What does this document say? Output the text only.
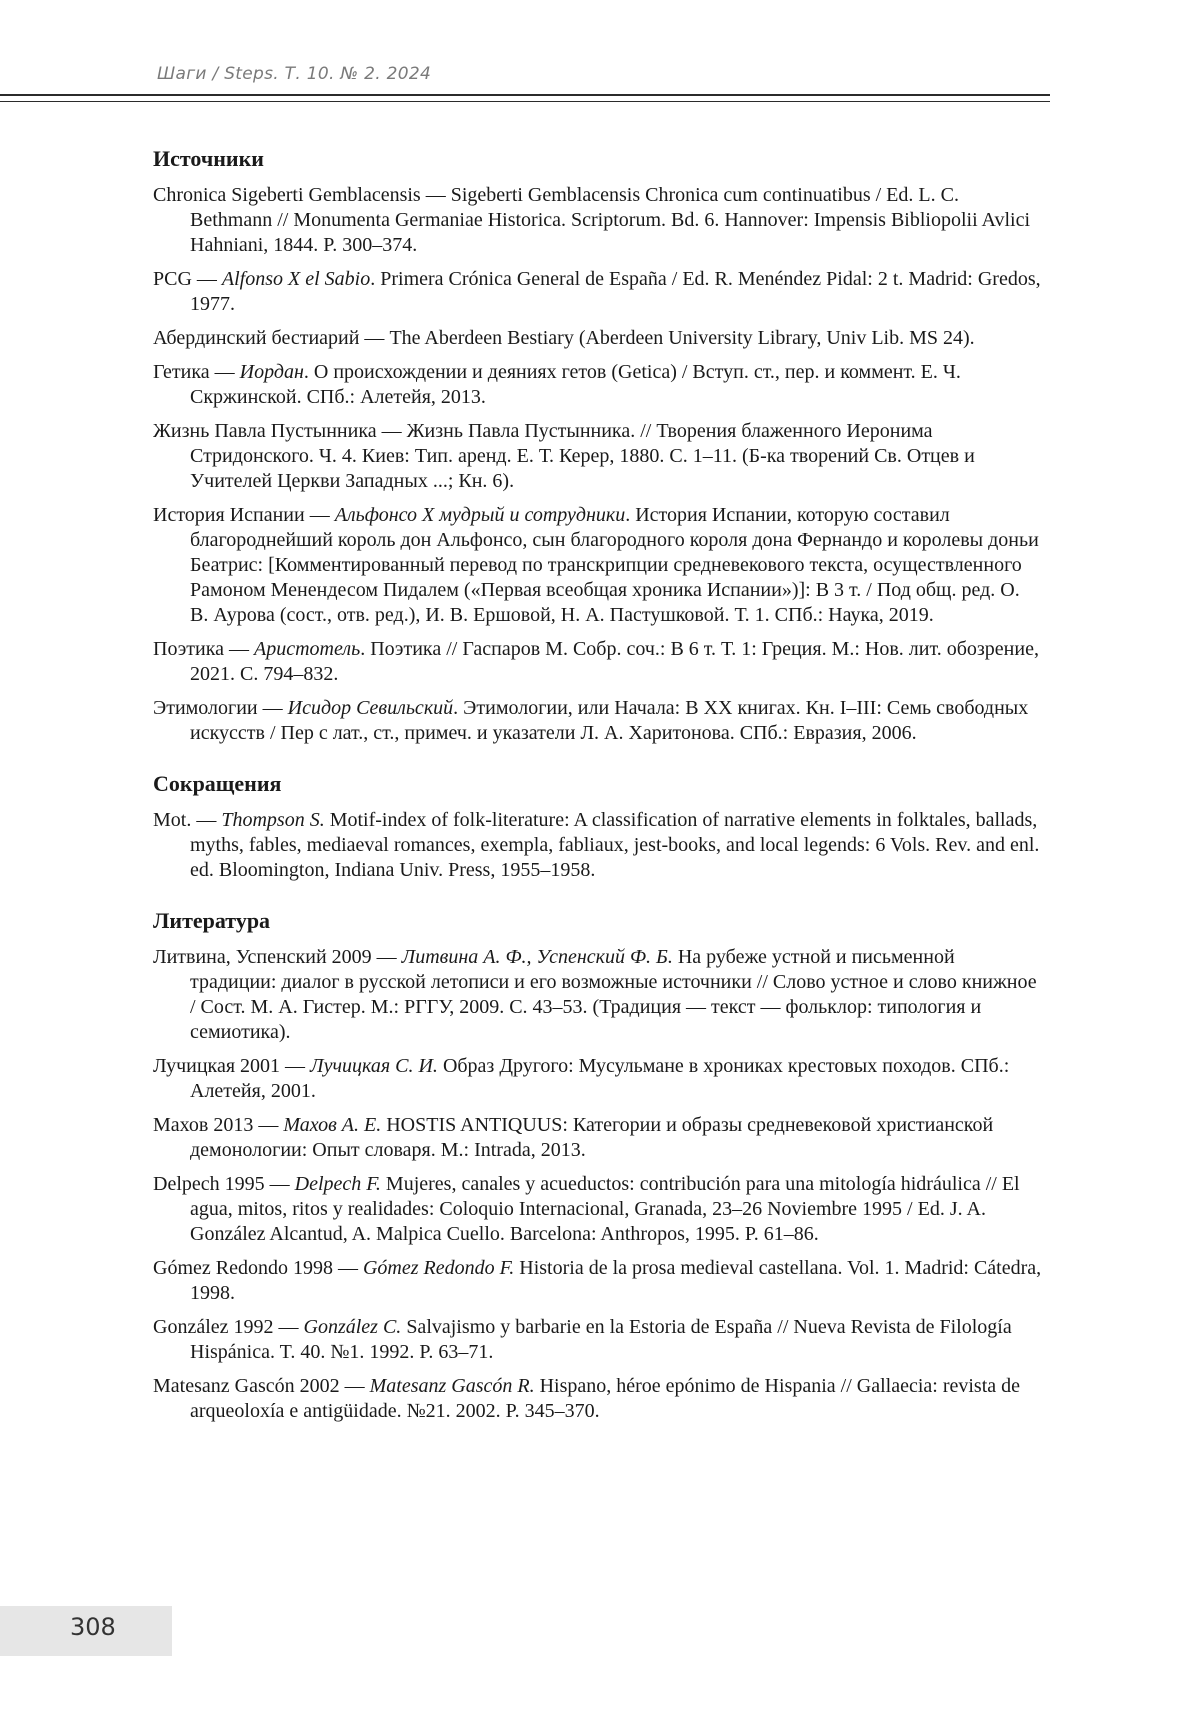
Шаги / Steps. Т. 10. № 2. 2024
Источники

Chronica Sigeberti Gemblacensis — Sigeberti Gemblacensis Chronica cum continuatibus / Ed. L. C. Bethmann // Monumenta Germaniae Historica. Scriptorum. Bd. 6. Hannover: Impensis Bibliopolii Avlici Hahniani, 1844. P. 300–374.

PCG — Alfonso X el Sabio. Primera Crónica General de España / Ed. R. Menéndez Pidal: 2 t. Madrid: Gredos, 1977.

Абердинский бестиарий — The Aberdeen Bestiary (Aberdeen University Library, Univ Lib. MS 24).

Гетика — Иордан. О происхождении и деяниях гетов (Getica) / Вступ. ст., пер. и коммент. Е. Ч. Скржинской. СПб.: Алетейя, 2013.

Жизнь Павла Пустынника — Жизнь Павла Пустынника. // Творения блаженного Иеронима Стридонского. Ч. 4. Киев: Тип. аренд. Е. Т. Керер, 1880. С. 1–11. (Б-ка творений Св. Отцев и Учителей Церкви Западных ...; Кн. 6).

История Испании — Альфонсо X мудрый и сотрудники. История Испании, которую составил благороднейший король дон Альфонсо, сын благородного короля дона Фернандо и королевы доньи Беатрис: [Комментированный перевод по транскрипции средневекового текста, осуществленного Рамоном Менендесом Пидалем («Первая всеобщая хроника Испании»)]: В 3 т. / Под общ. ред. О. В. Аурова (сост., отв. ред.), И. В. Ершовой, Н. А. Пастушковой. Т. 1. СПб.: Наука, 2019.

Поэтика — Аристотель. Поэтика // Гаспаров М. Собр. соч.: В 6 т. Т. 1: Греция. М.: Нов. лит. обозрение, 2021. С. 794–832.

Этимологии — Исидор Севильский. Этимологии, или Начала: В XX книгах. Кн. I–III: Семь свободных искусств / Пер с лат., ст., примеч. и указатели Л. А. Харитонова. СПб.: Евразия, 2006.

Сокращения

Mot. — Thompson S. Motif-index of folk-literature: A classification of narrative elements in folktales, ballads, myths, fables, mediaeval romances, exempla, fabliaux, jest-books, and local legends: 6 Vols. Rev. and enl. ed. Bloomington, Indiana Univ. Press, 1955–1958.

Литература

Литвина, Успенский 2009 — Литвина А. Ф., Успенский Ф. Б. На рубеже устной и письменной традиции: диалог в русской летописи и его возможные источники // Слово устное и слово книжное / Сост. М. А. Гистер. М.: РГГУ, 2009. С. 43–53. (Традиция — текст — фольклор: типология и семиотика).

Лучицкая 2001 — Лучицкая С. И. Образ Другого: Мусульмане в хрониках крестовых походов. СПб.: Алетейя, 2001.

Махов 2013 — Махов А. Е. HOSTIS ANTIQUUS: Категории и образы средневековой христианской демонологии: Опыт словаря. М.: Intrada, 2013.

Delpech 1995 — Delpech F. Mujeres, canales y acueductos: contribución para una mitología hidráulica // El agua, mitos, ritos y realidades: Coloquio Internacional, Granada, 23–26 Noviembre 1995 / Ed. J. A. González Alcantud, A. Malpica Cuello. Barcelona: Anthropos, 1995. P. 61–86.

Gómez Redondo 1998 — Gómez Redondo F. Historia de la prosa medieval castellana. Vol. 1. Madrid: Cátedra, 1998.

González 1992 — González C. Salvajismo y barbarie en la Estoria de España // Nueva Revista de Filología Hispánica. T. 40. №1. 1992. P. 63–71.

Matesanz Gascón 2002 — Matesanz Gascón R. Hispano, héroe epónimo de Hispania // Gallaecia: revista de arqueoloxía e antigüidade. №21. 2002. P. 345–370.

308
